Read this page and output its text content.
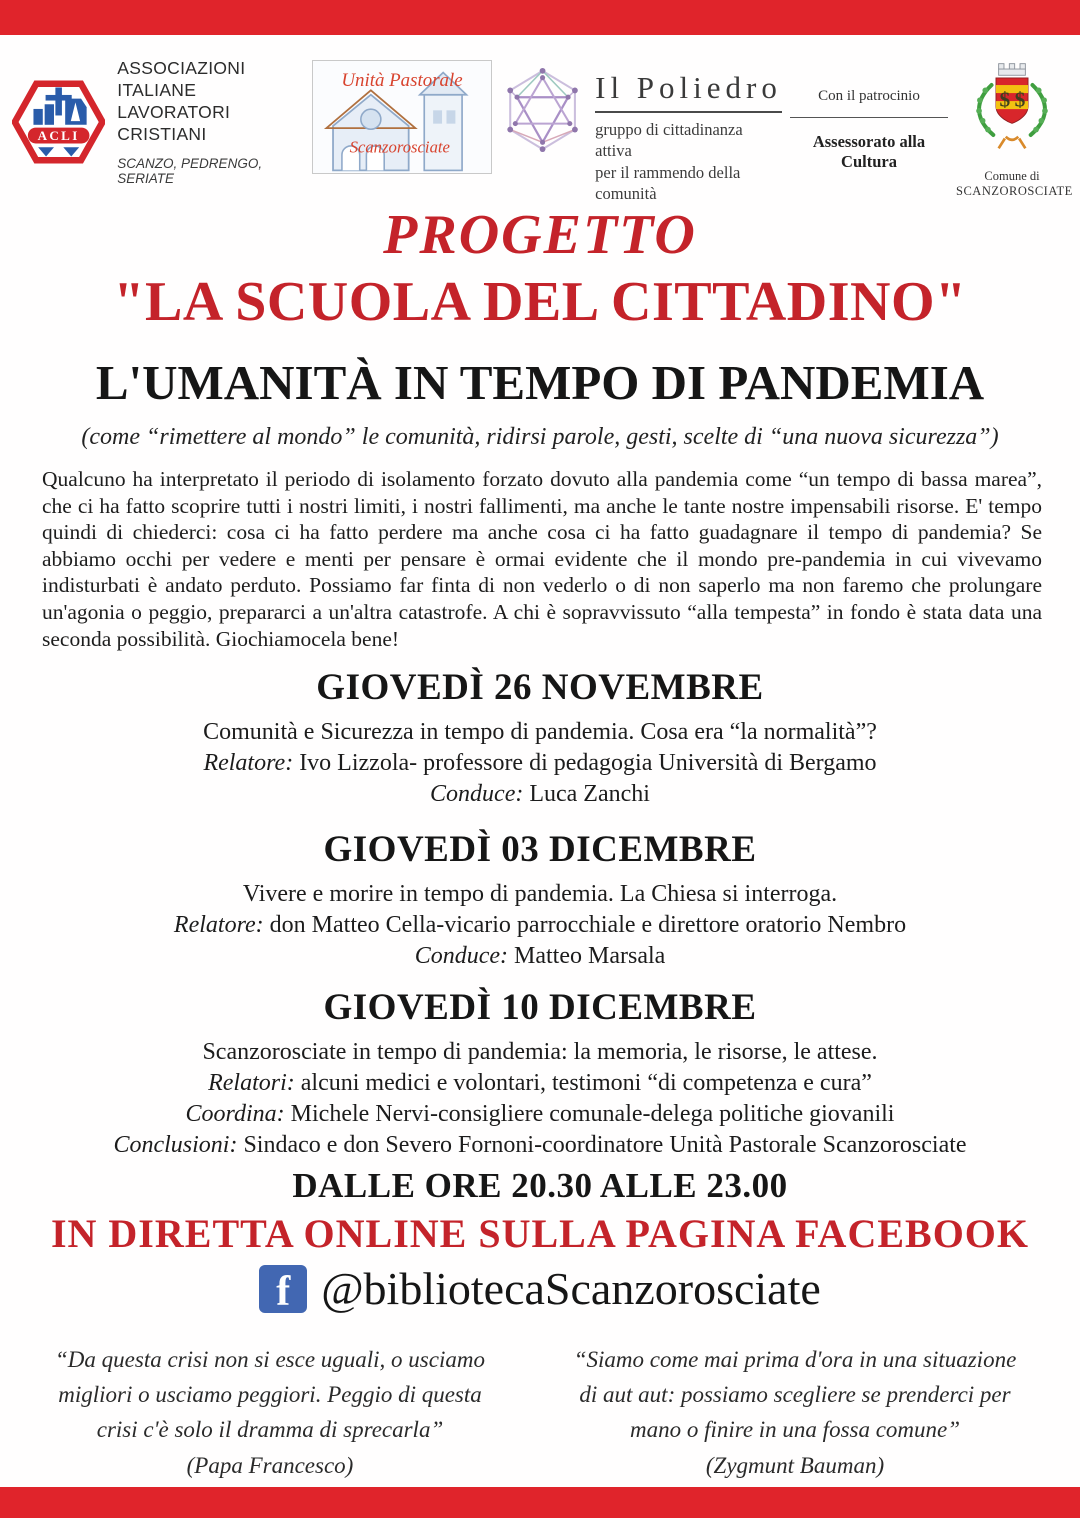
ACLI
ASSOCIAZIONI ITALIANE
LAVORATORI CRISTIANI
SCANZO, PEDRENGO, SERIATE
Unità Pastorale
Scanzorosciate
Il Poliedro
gruppo di cittadinanza attiva
per il rammendo della comunità
Con il patrocinio
Assessorato alla Cultura
$ $
Comune di
SCANZOROSCIATE
PROGETTO
"LA SCUOLA DEL CITTADINO"
L'UMANITÀ IN TEMPO DI PANDEMIA
(come “rimettere al mondo” le comunità, ridirsi parole, gesti, scelte di “una nuova sicurezza”)
Qualcuno ha interpretato il periodo di isolamento forzato dovuto alla pandemia come “un tempo di bassa marea”, che ci ha fatto scoprire tutti i nostri limiti, i nostri fallimenti, ma anche le tante nostre impensabili risorse. E' tempo quindi di chiederci: cosa ci ha fatto perdere ma anche cosa ci ha fatto guadagnare il tempo di pandemia? Se abbiamo occhi per vedere e menti per pensare è ormai evidente che il mondo pre-pandemia in cui vivevamo indisturbati è andato perduto. Possiamo far finta di non vederlo o di non saperlo ma non faremo che prolungare un'agonia o peggio, prepararci a un'altra catastrofe. A chi è sopravvissuto “alla tempesta” in fondo è stata data una seconda possibilità. Giochiamocela bene!
GIOVEDÌ 26 NOVEMBRE
Comunità e Sicurezza in tempo di pandemia. Cosa era “la normalità”?
Relatore: Ivo Lizzola- professore di pedagogia Università di Bergamo
Conduce: Luca Zanchi
GIOVEDÌ 03 DICEMBRE
Vivere e morire in tempo di pandemia. La Chiesa si interroga.
Relatore: don Matteo Cella-vicario parrocchiale e direttore oratorio Nembro
Conduce: Matteo Marsala
GIOVEDÌ 10 DICEMBRE
Scanzorosciate in tempo di pandemia: la memoria, le risorse, le attese.
Relatori: alcuni medici e volontari, testimoni “di competenza e cura”
Coordina: Michele Nervi-consigliere comunale-delega politiche giovanili
Conclusioni: Sindaco e don Severo Fornoni-coordinatore Unità Pastorale Scanzorosciate
DALLE ORE 20.30 ALLE 23.00
IN DIRETTA ONLINE SULLA PAGINA FACEBOOK
f @bibliotecaScanzorosciate
“Da questa crisi non si esce uguali, o usciamo migliori o usciamo peggiori. Peggio di questa crisi c'è solo il dramma di sprecarla”
(Papa Francesco)
“Siamo come mai prima d'ora in una situazione di aut aut: possiamo scegliere se prenderci per mano o finire in una fossa comune”
(Zygmunt Bauman)
